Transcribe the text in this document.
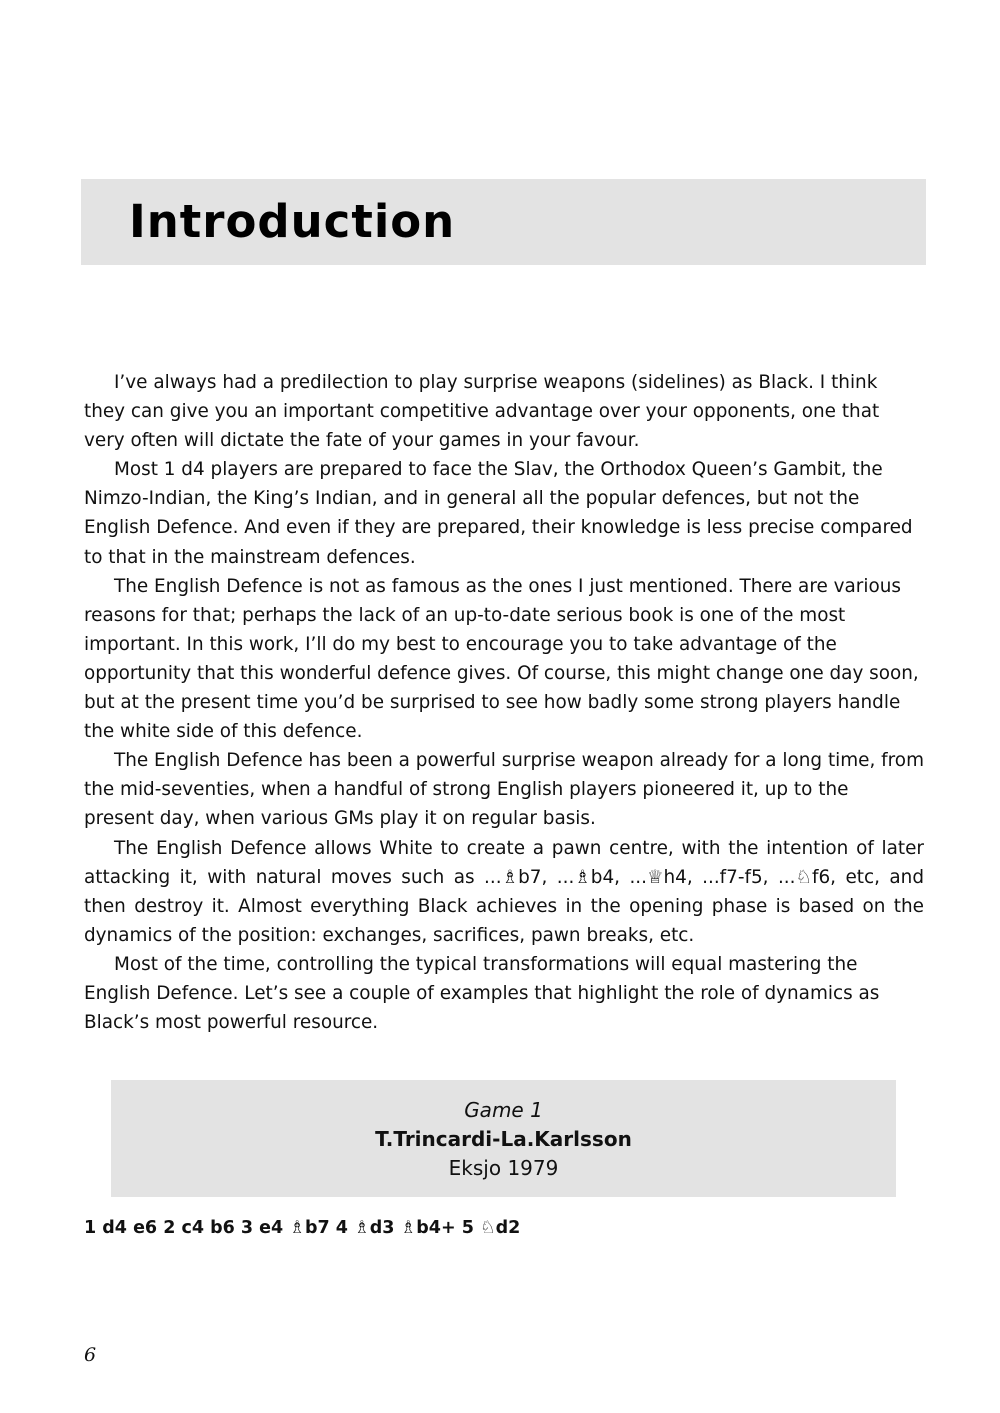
Introduction

I’ve always had a predilection to play surprise weapons (sidelines) as Black. I think they can give you an important competitive advantage over your opponents, one that very often will dictate the fate of your games in your favour.

Most 1 d4 players are prepared to face the Slav, the Orthodox Queen’s Gambit, the Nimzo-Indian, the King’s Indian, and in general all the popular defences, but not the English Defence. And even if they are prepared, their knowledge is less precise compared to that in the mainstream defences.

The English Defence is not as famous as the ones I just mentioned. There are various reasons for that; perhaps the lack of an up-to-date serious book is one of the most important. In this work, I’ll do my best to encourage you to take advantage of the opportunity that this wonderful defence gives. Of course, this might change one day soon, but at the present time you’d be surprised to see how badly some strong players handle the white side of this defence.

The English Defence has been a powerful surprise weapon already for a long time, from the mid-seventies, when a handful of strong English players pioneered it, up to the present day, when various GMs play it on regular basis.

The English Defence allows White to create a pawn centre, with the intention of later attacking it, with natural moves such as ...♗b7, ...♗b4, ...♕h4, ...f7-f5, ...♘f6, etc, and then destroy it. Almost everything Black achieves in the opening phase is based on the dynamics of the position: exchanges, sacrifices, pawn breaks, etc.

Most of the time, controlling the typical transformations will equal mastering the English Defence. Let’s see a couple of examples that highlight the role of dynamics as Black’s most powerful resource.

Game 1
T.Trincardi-La.Karlsson
Eksjo 1979
1 d4 e6 2 c4 b6 3 e4 ♗b7 4 ♗d3 ♗b4+ 5 ♘d2
6
